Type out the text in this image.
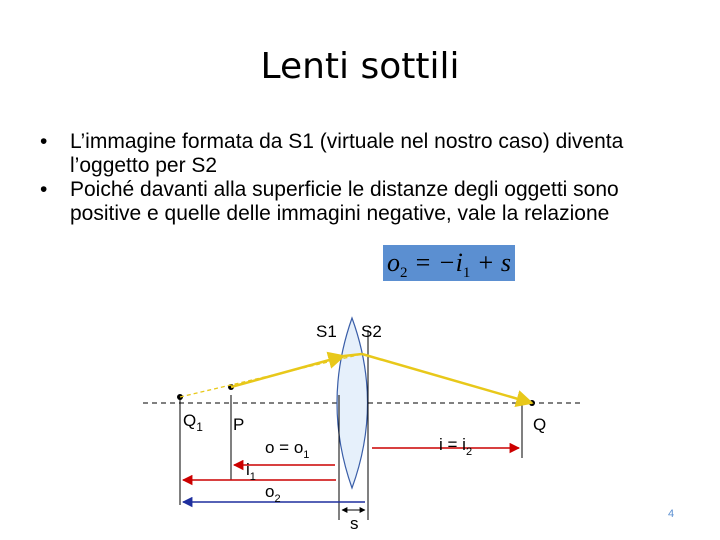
Lenti sottili
• L’immagine formata da S1 (virtuale nel nostro caso) diventa l’oggetto per S2
• Poiché davanti alla superficie le distanze degli oggetti sono positive e quelle delle immagini negative, vale la relazione
$o_2 = -i_1 + s$
S1 S2
$Q_1$ P	Q
$o = o_1$
$i = i_2$
$i_1$
$o_2$
s	4
